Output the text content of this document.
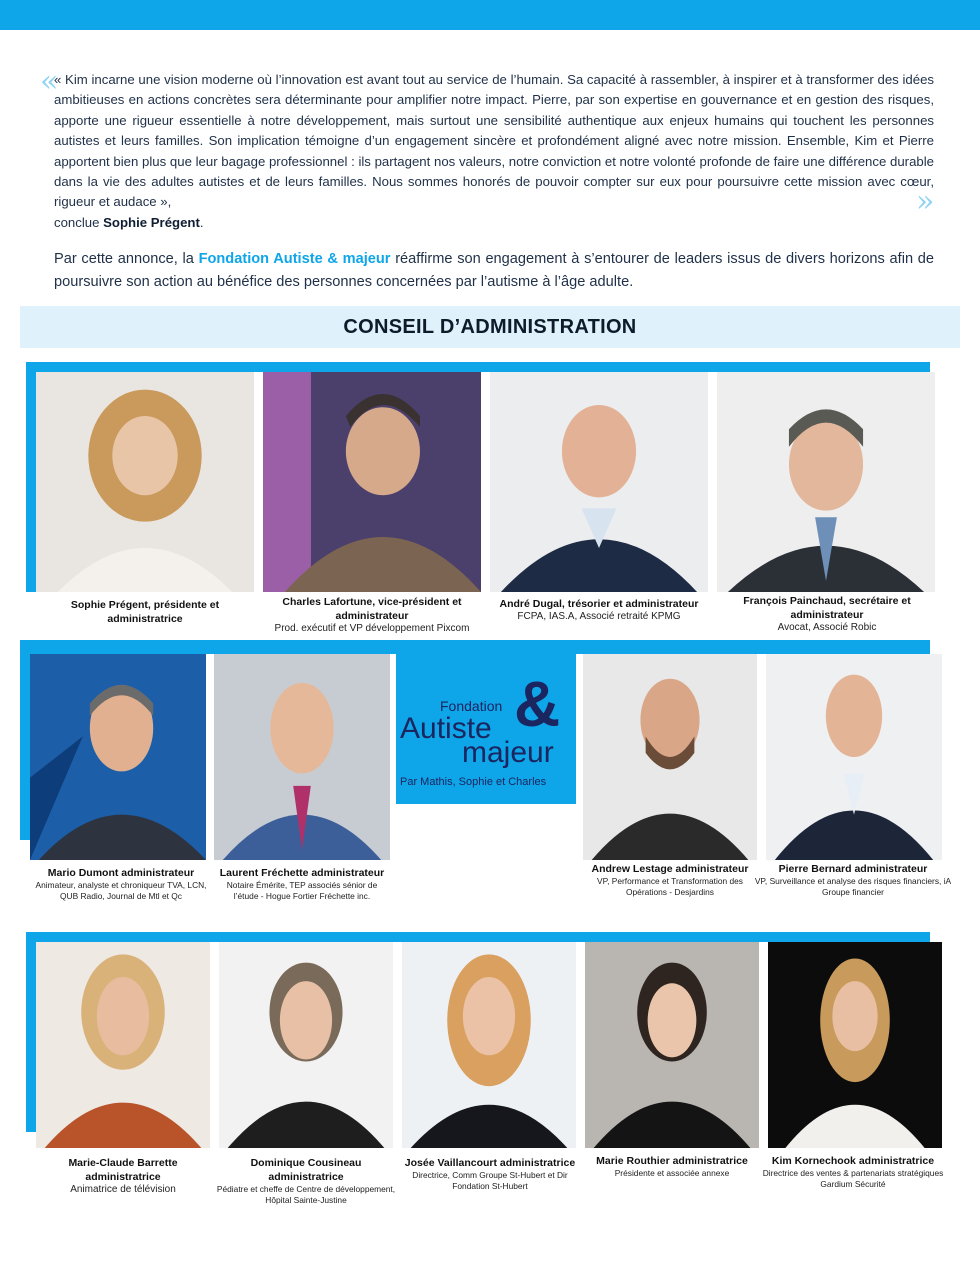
«

« Kim incarne une vision moderne où l’innovation est avant tout au service de l’humain. Sa capacité à rassembler, à inspirer et à transformer des idées ambitieuses en actions concrètes sera déterminante pour amplifier notre impact. Pierre, par son expertise en gouvernance et en gestion des risques, apporte une rigueur essentielle à notre développement, mais surtout une sensibilité authentique aux enjeux humains qui touchent les personnes autistes et leurs familles. Son implication témoigne d’un engagement sincère et profondément aligné avec notre mission. Ensemble, Kim et Pierre apportent bien plus que leur bagage professionnel : ils partagent nos valeurs, notre conviction et notre volonté profonde de faire une différence durable dans la vie des adultes autistes et de leurs familles. Nous sommes honorés de pouvoir compter sur eux pour poursuivre cette mission avec cœur, rigueur et audace »,
conclue Sophie Prégent.

»

Par cette annonce, la Fondation Autiste & majeur réaffirme son engagement à s’entourer de leaders issus de divers horizons afin de poursuivre son action au bénéfice des personnes concernées par l’autisme à l’âge adulte.

CONSEIL D’ADMINISTRATION
Sophie Prégent, présidente et administratrice
Charles Lafortune, vice-président et administrateur
Prod. exécutif et VP développement Pixcom
André Dugal, trésorier et administrateur
FCPA, IAS.A, Associé retraité KPMG
François Painchaud, secrétaire et administrateur
Avocat, Associé Robic
Fondation
Autiste &
majeur
Par Mathis, Sophie et Charles
Mario Dumont administrateur
Animateur, analyste et chroniqueur TVA, LCN, QUB Radio, Journal de Mtl et Qc
Laurent Fréchette administrateur
Notaire Émérite, TEP associés sénior de l’étude - Hogue Fortier Fréchette inc.
Andrew Lestage administrateur
VP, Performance et Transformation des Opérations - Desjardins
Pierre Bernard administrateur
VP, Surveillance et analyse des risques financiers, iA Groupe financier
Marie-Claude Barrette administratrice
Animatrice de télévision
Dominique Cousineau administratrice
Pédiatre et cheffe de Centre de développement, Hôpital Sainte-Justine
Josée Vaillancourt administratrice
Directrice, Comm Groupe St-Hubert et Dir Fondation St-Hubert
Marie Routhier administratrice
Présidente et associée annexe
Kim Kornechook administratrice
Directrice des ventes & partenariats stratégiques Gardium Sécurité
